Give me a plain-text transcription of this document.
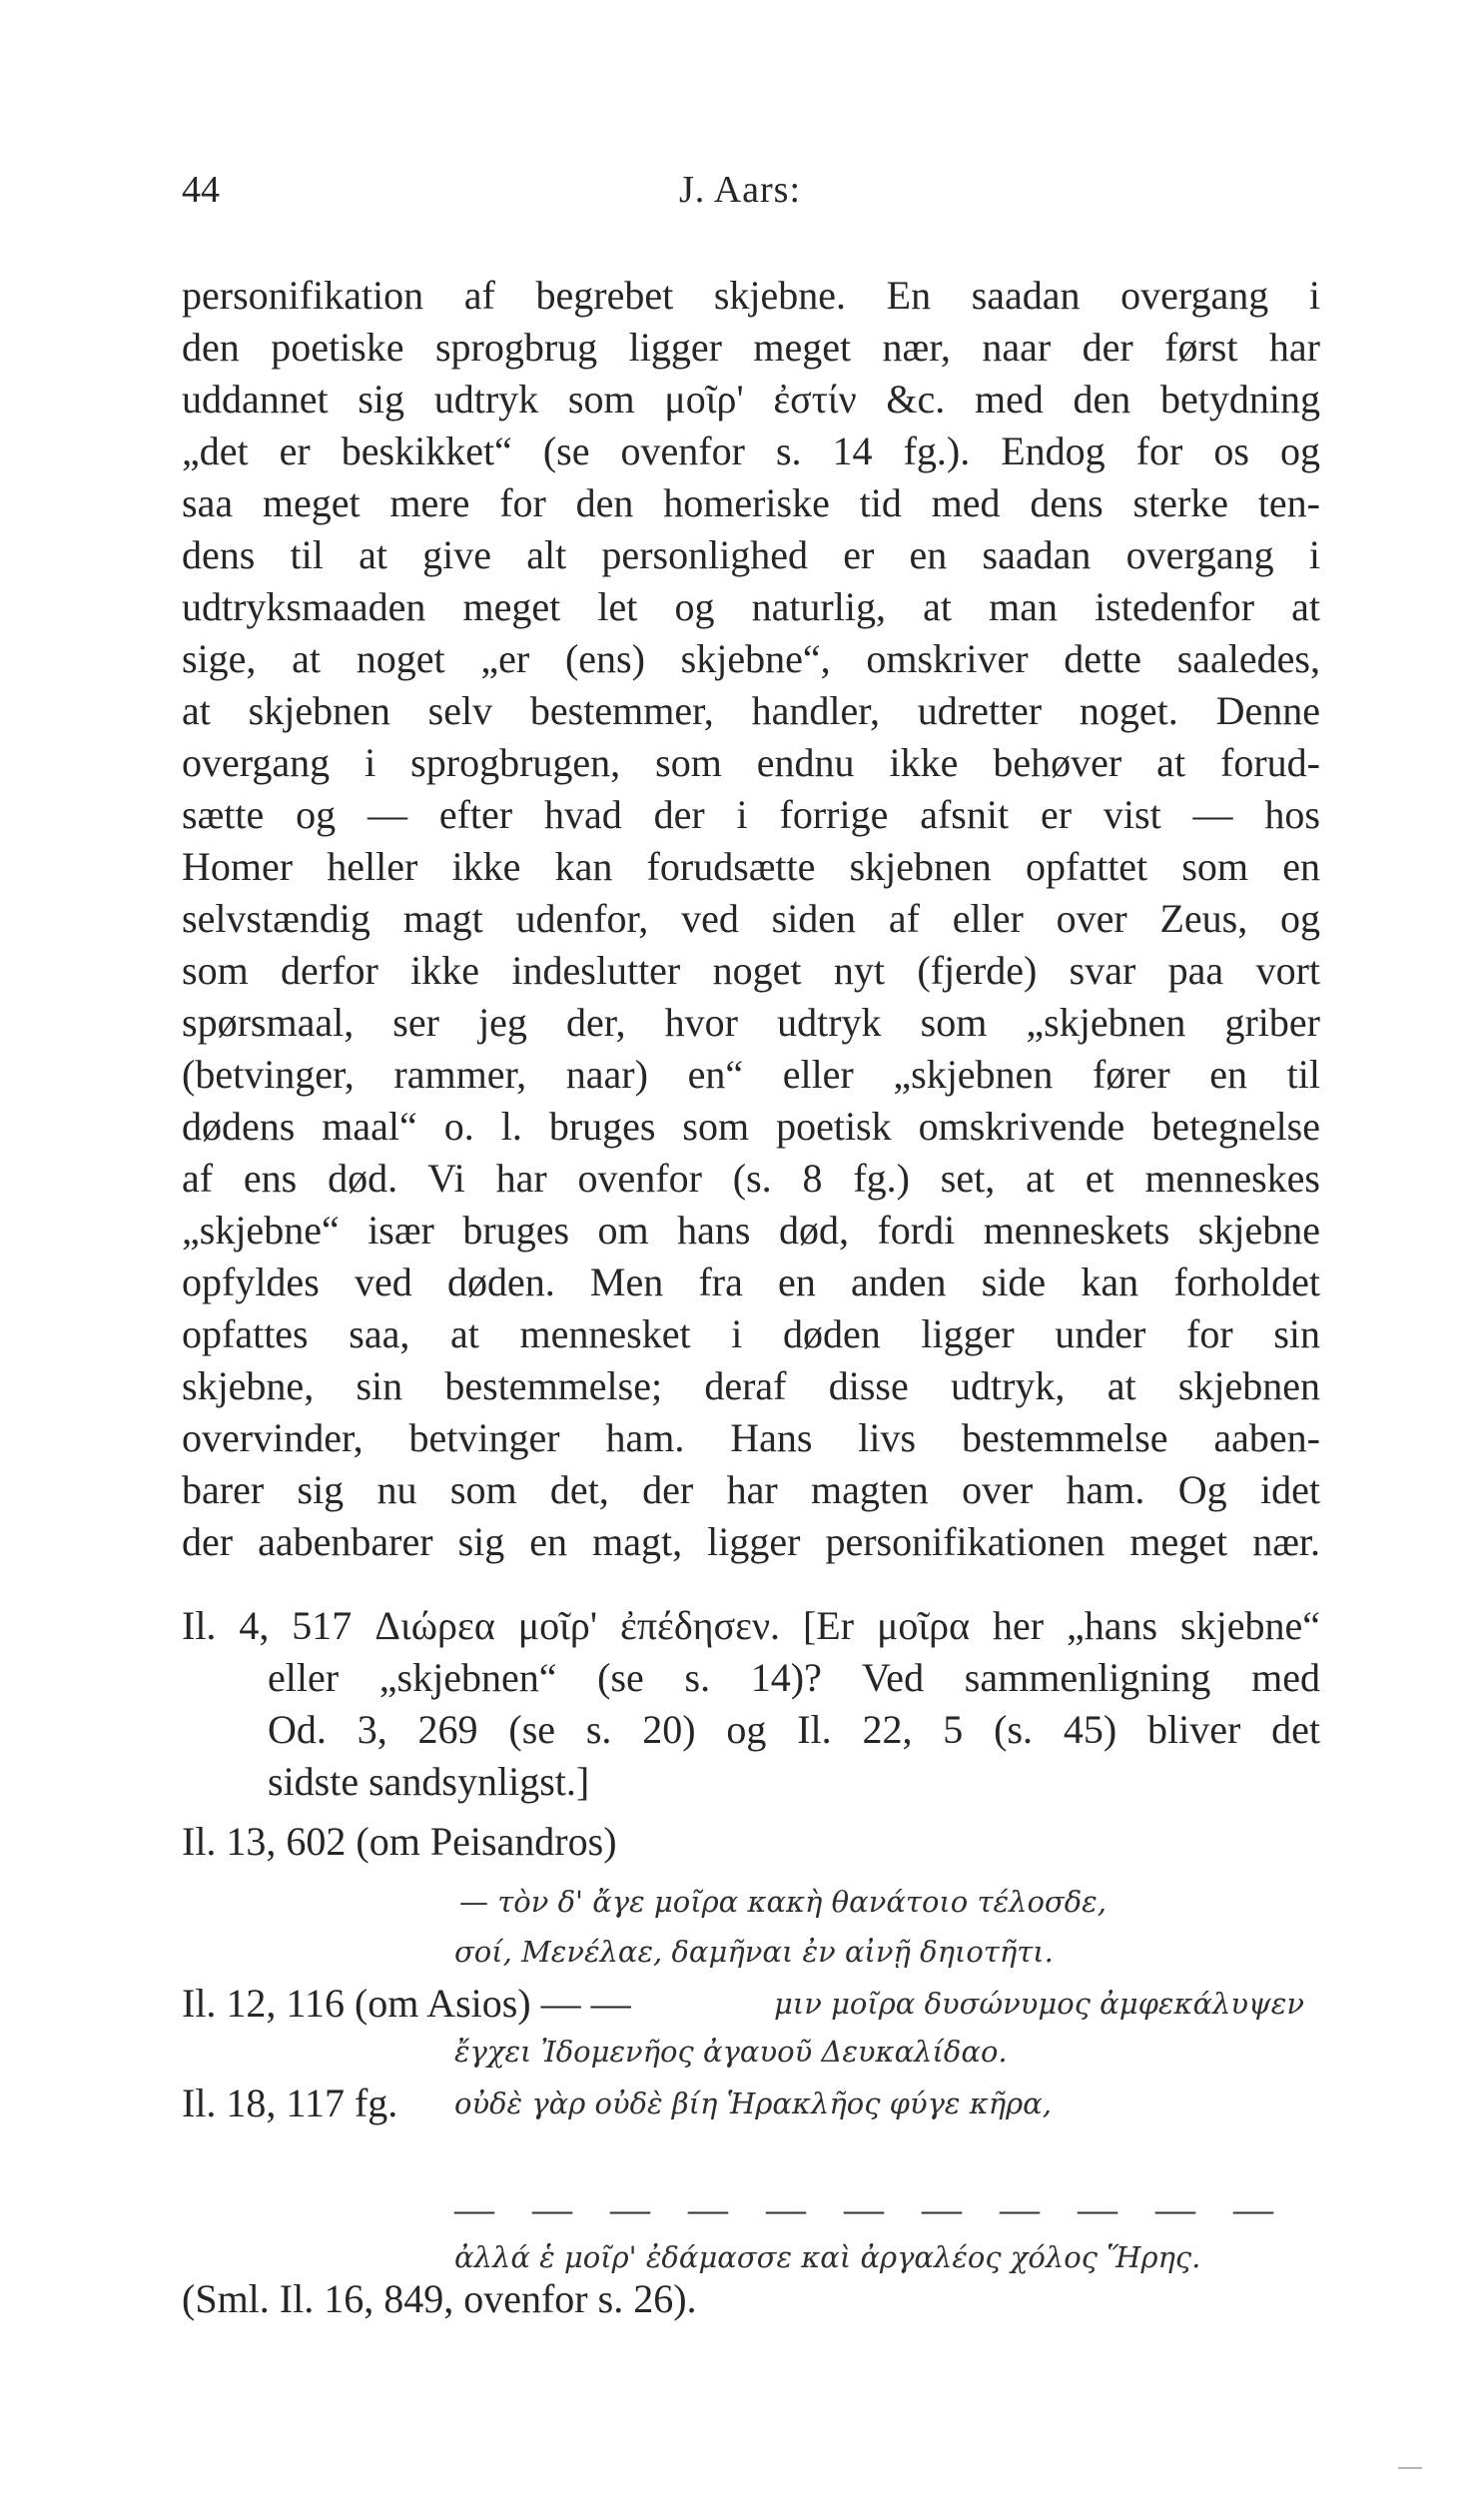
44	J. Aars:
personifikation af begrebet skjebne. En saadan overgang i
den poetiske sprogbrug ligger meget nær, naar der først har
uddannet sig udtryk som μοῖρ' ἐστίν &c. med den betydning
„det er beskikket“ (se ovenfor s. 14 fg.). Endog for os og
saa meget mere for den homeriske tid med dens sterke ten-
dens til at give alt personlighed er en saadan overgang i
udtryksmaaden meget let og naturlig, at man istedenfor at
sige, at noget „er (ens) skjebne“, omskriver dette saaledes,
at skjebnen selv bestemmer, handler, udretter noget. Denne
overgang i sprogbrugen, som endnu ikke behøver at forud-
sætte og — efter hvad der i forrige afsnit er vist — hos
Homer heller ikke kan forudsætte skjebnen opfattet som en
selvstændig magt udenfor, ved siden af eller over Zeus, og
som derfor ikke indeslutter noget nyt (fjerde) svar paa vort
spørsmaal, ser jeg der, hvor udtryk som „skjebnen griber
(betvinger, rammer, naar) en“ eller „skjebnen fører en til
dødens maal“ o. l. bruges som poetisk omskrivende betegnelse
af ens død. Vi har ovenfor (s. 8 fg.) set, at et menneskes
„skjebne“ især bruges om hans død, fordi menneskets skjebne
opfyldes ved døden. Men fra en anden side kan forholdet
opfattes saa, at mennesket i døden ligger under for sin
skjebne, sin bestemmelse; deraf disse udtryk, at skjebnen
overvinder, betvinger ham. Hans livs bestemmelse aaben-
barer sig nu som det, der har magten over ham. Og idet
der aabenbarer sig en magt, ligger personifikationen meget nær.
Il. 4, 517 Διώρεα μοῖρ' ἐπέδησεν. [Er μοῖρα her „hans skjebne“
eller „skjebnen“ (se s. 14)? Ved sammenligning med
Od. 3, 269 (se s. 20) og Il. 22, 5 (s. 45) bliver det
sidste sandsynligst.]
Il. 13, 602 (om Peisandros)
— τὸν δ' ἄγε μοῖρα κακὴ θανάτοιο τέλοσδε,
σοί, Μενέλαε, δαμῆναι ἐν αἰνῇ δηιοτῆτι.
Il. 12, 116 (om Asios) — —	μιν μοῖρα δυσώνυμος ἀμφεκάλυψεν
ἔγχει Ἰδομενῆος ἀγαυοῦ Δευκαλίδαο.
Il. 18, 117 fg. οὐδὲ γὰρ οὐδὲ βίη Ἡρακλῆος φύγε κῆρα,
— — — — — — — — — — —
ἀλλά ἑ μοῖρ' ἐδάμασσε καὶ ἀργαλέος χόλος Ἥρης.
(Sml. Il. 16, 849, ovenfor s. 26).
